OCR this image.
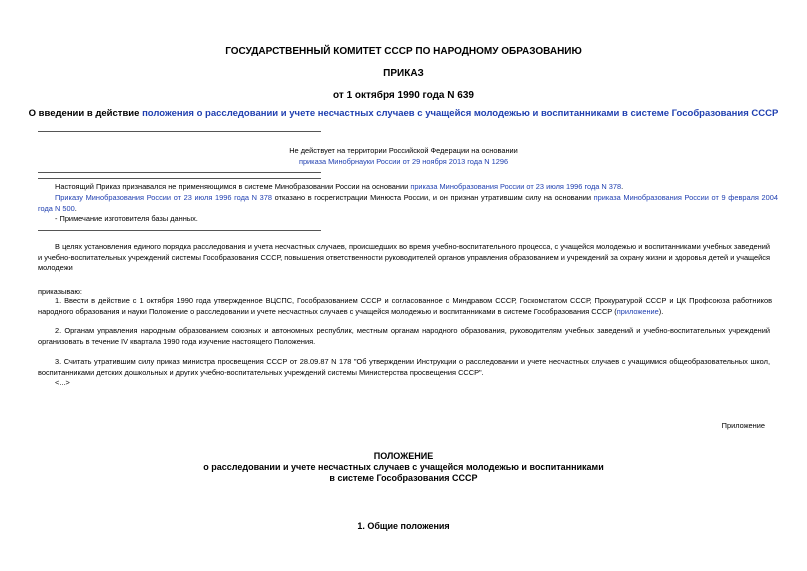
ГОСУДАРСТВЕННЫЙ КОМИТЕТ СССР ПО НАРОДНОМУ ОБРАЗОВАНИЮ
ПРИКАЗ
от 1 октября 1990 года N 639
О введении в действие положения о расследовании и учете несчастных случаев с учащейся молодежью и воспитанниками в системе Гособразования СССР
Не действует на территории Российской Федерации на основании
приказа Минобрнауки России от 29 ноября 2013 года N 1296
Настоящий Приказ признавался не применяющимся в системе Минобразовании России на основании приказа Минобразования России от 23 июля 1996 года N 378.
Приказу Минобразования России от 23 июля 1996 года N 378 отказано в госрегистрации Минюста России, и он признан утратившим силу на основании приказа Минобразования России от 9 февраля 2004 года N 500.
- Примечание изготовителя базы данных.
В целях установления единого порядка расследования и учета несчастных случаев, происшедших во время учебно-воспитательного процесса, с учащейся молодежью и воспитанниками учебных заведений и учебно-воспитательных учреждений системы Гособразования СССР, повышения ответственности руководителей органов управления образованием и учреждений за охрану жизни и здоровья детей и учащейся молодежи
приказываю:
1. Ввести в действие с 1 октября 1990 года утвержденное ВЦСПС, Гособразованием СССР и согласованное с Миндравом СССР, Госкомстатом СССР, Прокуратурой СССР и ЦК Профсоюза работников народного образования и науки Положение о расследовании и учете несчастных случаев с учащейся молодежью и воспитанниками в системе Гособразования СССР (приложение).
2. Органам управления народным образованием союзных и автономных республик, местным органам народного образования, руководителям учебных заведений и учебно-воспитательных учреждений организовать в течение IV квартала 1990 года изучение настоящего Положения.
3. Считать утратившим силу приказ министра просвещения СССР от 28.09.87 N 178 "Об утверждении Инструкции о расследовании и учете несчастных случаев с учащимися общеобразовательных школ, воспитанниками детских дошкольных и других учебно-воспитательных учреждений системы Министерства просвещения СССР".
<...>
Приложение
ПОЛОЖЕНИЕ
о расследовании и учете несчастных случаев с учащейся молодежью и воспитанниками
в системе Гособразования СССР
1. Общие положения
